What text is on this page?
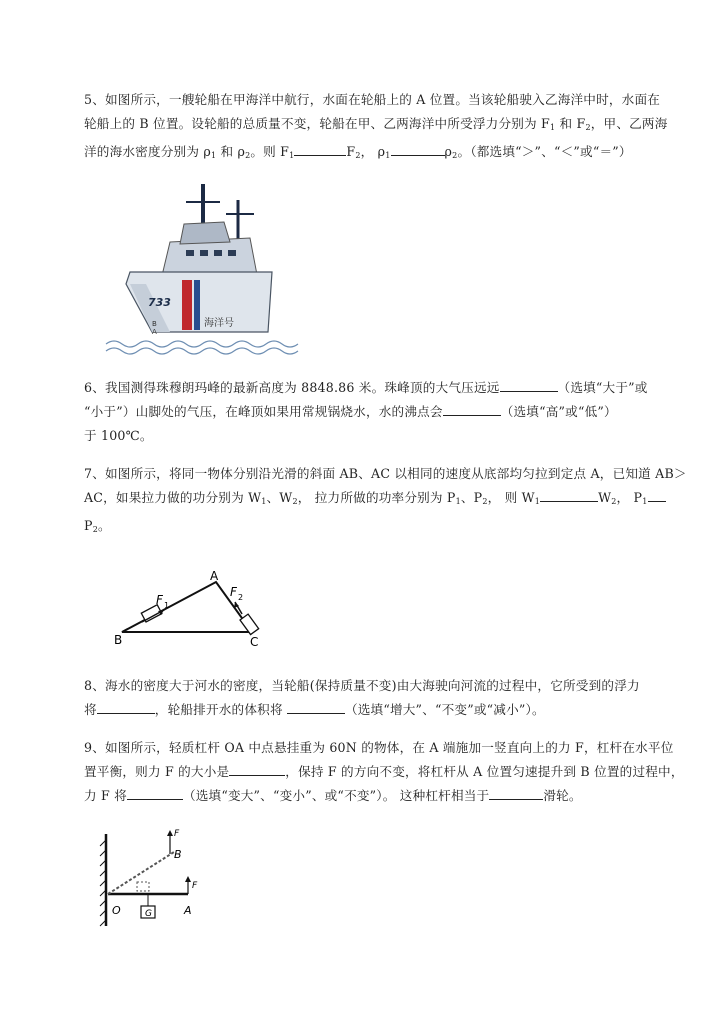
5、如图所示，一艘轮船在甲海洋中航行，水面在轮船上的 A 位置。当该轮船驶入乙海洋中时，水面在
轮船上的 B 位置。设轮船的总质量不变，轮船在甲、乙两海洋中所受浮力分别为 $F_1$ 和 $F_2$，甲、乙两海
洋的海水密度分别为 $\rho_1$ 和 $\rho_2$。则 $F_1$	$F_2$， $\rho_1$	$\rho_2$。（都选填“＞”、“＜”或“＝”）
733
海洋号
B
A
6、我国测得珠穆朗玛峰的最新高度为 8848.86 米。珠峰顶的大气压远远	（选填“大于”或
“小于”）山脚处的气压，在峰顶如果用常规锅烧水，水的沸点会	（选填“高”或“低”）
于 100℃。
7、如图所示，将同一物体分别沿光滑的斜面 AB、AC 以相同的速度从底部均匀拉到定点 A，已知道 AB＞
AC，如果拉力做的功分别为 $W_1$、$W_2$， 拉力所做的功率分别为 $P_1$、$P_2$， 则 $W_1$	$W_2$， $P_1$
$P_2$。
A
B	C
F 1
F 2
8、海水的密度大于河水的密度，当轮船(保持质量不变)由大海驶向河流的过程中，它所受到的浮力
将	，轮船排开水的体积将	（选填“增大”、“不变”或“减小”）。
9、如图所示，轻质杠杆 OA 中点悬挂重为 60N 的物体，在 A 端施加一竖直向上的力 F，杠杆在水平位
置平衡，则力 F 的大小是	，保持 F 的方向不变，将杠杆从 A 位置匀速提升到 B 位置的过程中，
力 F 将	（选填“变大”、“变小”、或“不变”）。 这种杠杆相当于	滑轮。
O	A
B
G
F
F
